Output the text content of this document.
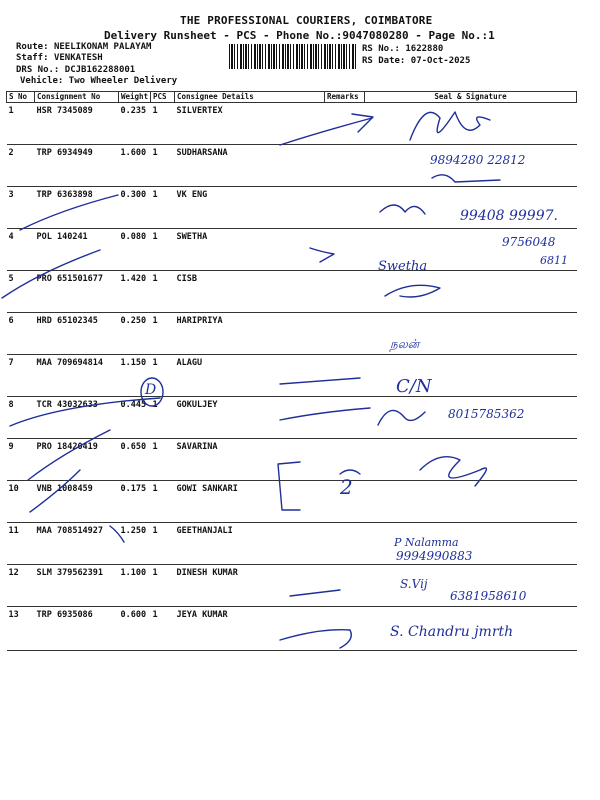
THE PROFESSIONAL COURIERS, COIMBATORE
Delivery Runsheet - PCS - Phone No.:9047080280 - Page No.:1
Route: NEELIKONAM PALAYAM
Staff: VENKATESH
DRS No.: DCJB162288001
Vehicle: Two Wheeler Delivery
RS No.: 1622880
RS Date: 07-Oct-2025
S No	Consignment No	Weight	PCS	Consignee Details	Remarks	Seal & Signature
1	HSR 7345089	0.235	1	SILVERTEX		
2	TRP 6934949	1.600	1	SUDHARSANA		
3	TRP 6363898	0.300	1	VK ENG		
4	POL 140241	0.080	1	SWETHA		
5	PRO 651501677	1.420	1	CISB		
6	HRD 65102345	0.250	1	HARIPRIYA		
7	MAA 709694814	1.150	1	ALAGU		
8	TCR 43032633	0.445	1	GOKULJEY		
9	PRO 18420419	0.650	1	SAVARINA		
10	VNB 1008459	0.175	1	GOWI SANKARI		
11	MAA 708514927	1.250	1	GEETHANJALI		
12	SLM 379562391	1.100	1	DINESH KUMAR		
13	TRP 6935086	0.600	1	JEYA KUMAR		
9894280 22812
99408 99997.
9756048
6811
Swetha
நலன்
C/N
8015785362
2
P Nalamma
9994990883
S.Vij
6381958610
S. Chandru jmrth
D
